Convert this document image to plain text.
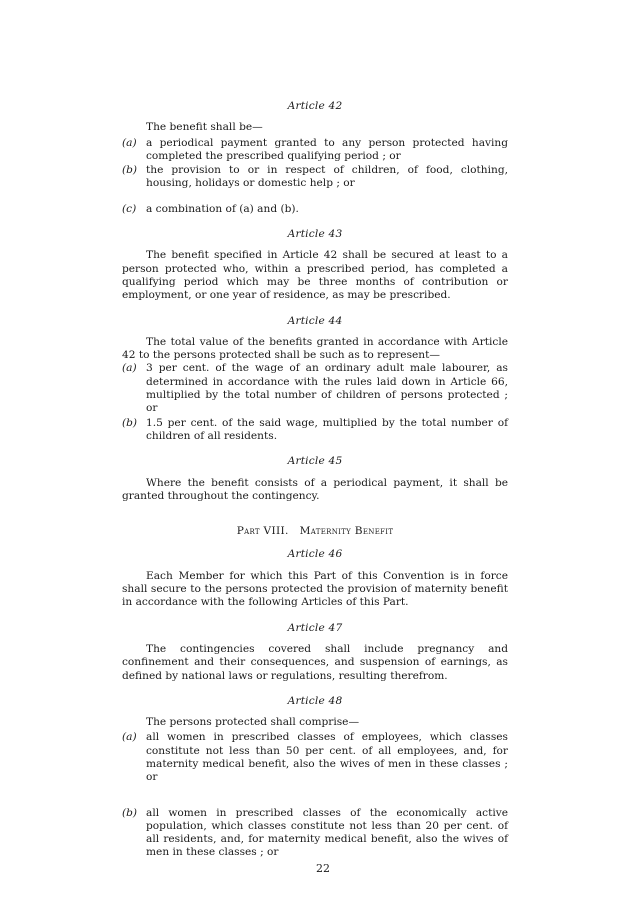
Article 42
The benefit shall be—
(a) a periodical payment granted to any person protected having completed the prescribed qualifying period ; or
(b) the provision to or in respect of children, of food, clothing, housing, holidays or domestic help ; or
(c) a combination of (a) and (b).
Article 43

The benefit specified in Article 42 shall be secured at least to a person protected who, within a prescribed period, has completed a qualifying period which may be three months of contribution or employment, or one year of residence, as may be prescribed.

Article 44

The total value of the benefits granted in accordance with Article 42 to the persons protected shall be such as to represent—

(a) 3 per cent. of the wage of an ordinary adult male labourer, as determined in accordance with the rules laid down in Article 66, multiplied by the total number of children of persons protected ; or
(b) 1.5 per cent. of the said wage, multiplied by the total number of children of all residents.
Article 45

Where the benefit consists of a periodical payment, it shall be granted throughout the contingency.

Part VIII. Maternity Benefit
Article 46

Each Member for which this Part of this Convention is in force shall secure to the persons protected the provision of maternity benefit in accordance with the following Articles of this Part.

Article 47

The contingencies covered shall include pregnancy and confinement and their consequences, and suspension of earnings, as defined by national laws or regulations, resulting therefrom.

Article 48
The persons protected shall comprise—
(a) all women in prescribed classes of employees, which classes constitute not less than 50 per cent. of all employees, and, for maternity medical benefit, also the wives of men in these classes ; or
(b) all women in prescribed classes of the economically active population, which classes constitute not less than 20 per cent. of all residents, and, for maternity medical benefit, also the wives of men in these classes ; or
22
